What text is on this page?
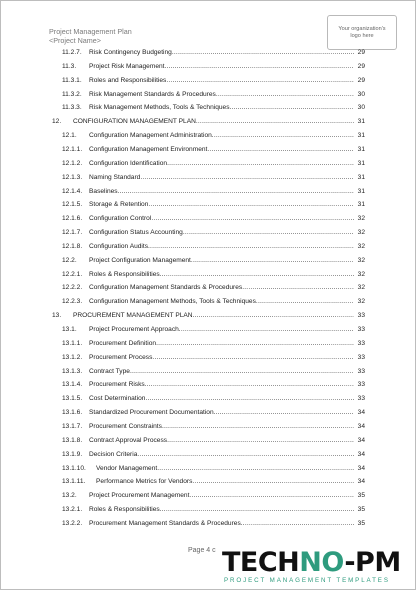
Project Management Plan
<Project Name>
Your organization's logo here
11.2.7. Risk Contingency Budgeting .....	29
11.3. Project Risk Management .....	29
11.3.1. Roles and Responsibilities .....	29
11.3.2. Risk Management Standards & Procedures .....	30
11.3.3. Risk Management Methods, Tools & Techniques .....	30
12. CONFIGURATION MANAGEMENT PLAN .....	31
12.1. Configuration Management Administration .....	31
12.1.1. Configuration Management Environment .....	31
12.1.2. Configuration Identification .....	31
12.1.3. Naming Standard .....	31
12.1.4. Baselines .....	31
12.1.5. Storage & Retention .....	31
12.1.6. Configuration Control .....	32
12.1.7. Configuration Status Accounting .....	32
12.1.8. Configuration Audits .....	32
12.2. Project Configuration Management .....	32
12.2.1. Roles & Responsibilities .....	32
12.2.2. Configuration Management Standards & Procedures .....	32
12.2.3. Configuration Management Methods, Tools & Techniques .....	32
13. PROCUREMENT MANAGEMENT PLAN .....	33
13.1. Project Procurement Approach .....	33
13.1.1. Procurement Definition .....	33
13.1.2. Procurement Process .....	33
13.1.3. Contract Type .....	33
13.1.4. Procurement Risks .....	33
13.1.5. Cost Determination .....	33
13.1.6. Standardized Procurement Documentation .....	34
13.1.7. Procurement Constraints .....	34
13.1.8. Contract Approval Process .....	34
13.1.9. Decision Criteria .....	34
13.1.10. Vendor Management .....	34
13.1.11. Performance Metrics for Vendors .....	34
13.2. Project Procurement Management .....	35
13.2.1. Roles & Responsibilities .....	35
13.2.2. Procurement Management Standards & Procedures .....	35
Page 4 c TECHNO-PM
PROJECT MANAGEMENT TEMPLATES
